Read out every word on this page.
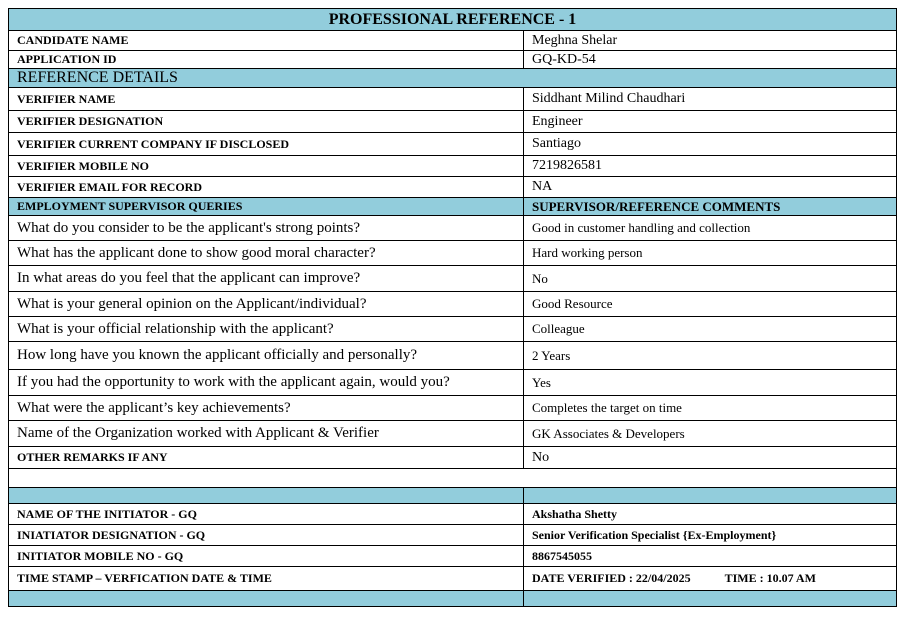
PROFESSIONAL REFERENCE - 1	
CANDIDATE NAME	Meghna Shelar
APPLICATION ID	GQ-KD-54
REFERENCE DETAILS	
VERIFIER NAME	Siddhant Milind Chaudhari
VERIFIER DESIGNATION	Engineer
VERIFIER CURRENT COMPANY IF DISCLOSED	Santiago
VERIFIER MOBILE NO	7219826581
VERIFIER EMAIL FOR RECORD	NA
EMPLOYMENT SUPERVISOR QUERIES	SUPERVISOR/REFERENCE COMMENTS
What do you consider to be the applicant's strong points?	Good in customer handling and collection
What has the applicant done to show good moral character?	Hard working person
In what areas do you feel that the applicant can improve?	No
What is your general opinion on the Applicant/individual?	Good Resource
What is your official relationship with the applicant?	Colleague
How long have you known the applicant officially and personally?	2 Years
If you had the opportunity to work with the applicant again, would you?	Yes
What were the applicant’s key achievements?	Completes the target on time
Name of the Organization worked with Applicant & Verifier	GK Associates & Developers
OTHER REMARKS IF ANY	No

NAME OF THE INITIATOR - GQ	Akshatha Shetty
INIATIATOR DESIGNATION - GQ	Senior Verification Specialist {Ex-Employment}
INITIATOR MOBILE NO - GQ	8867545055
TIME STAMP – VERFICATION DATE & TIME	DATE VERIFIED : 22/04/2025 TIME : 10.07 AM
